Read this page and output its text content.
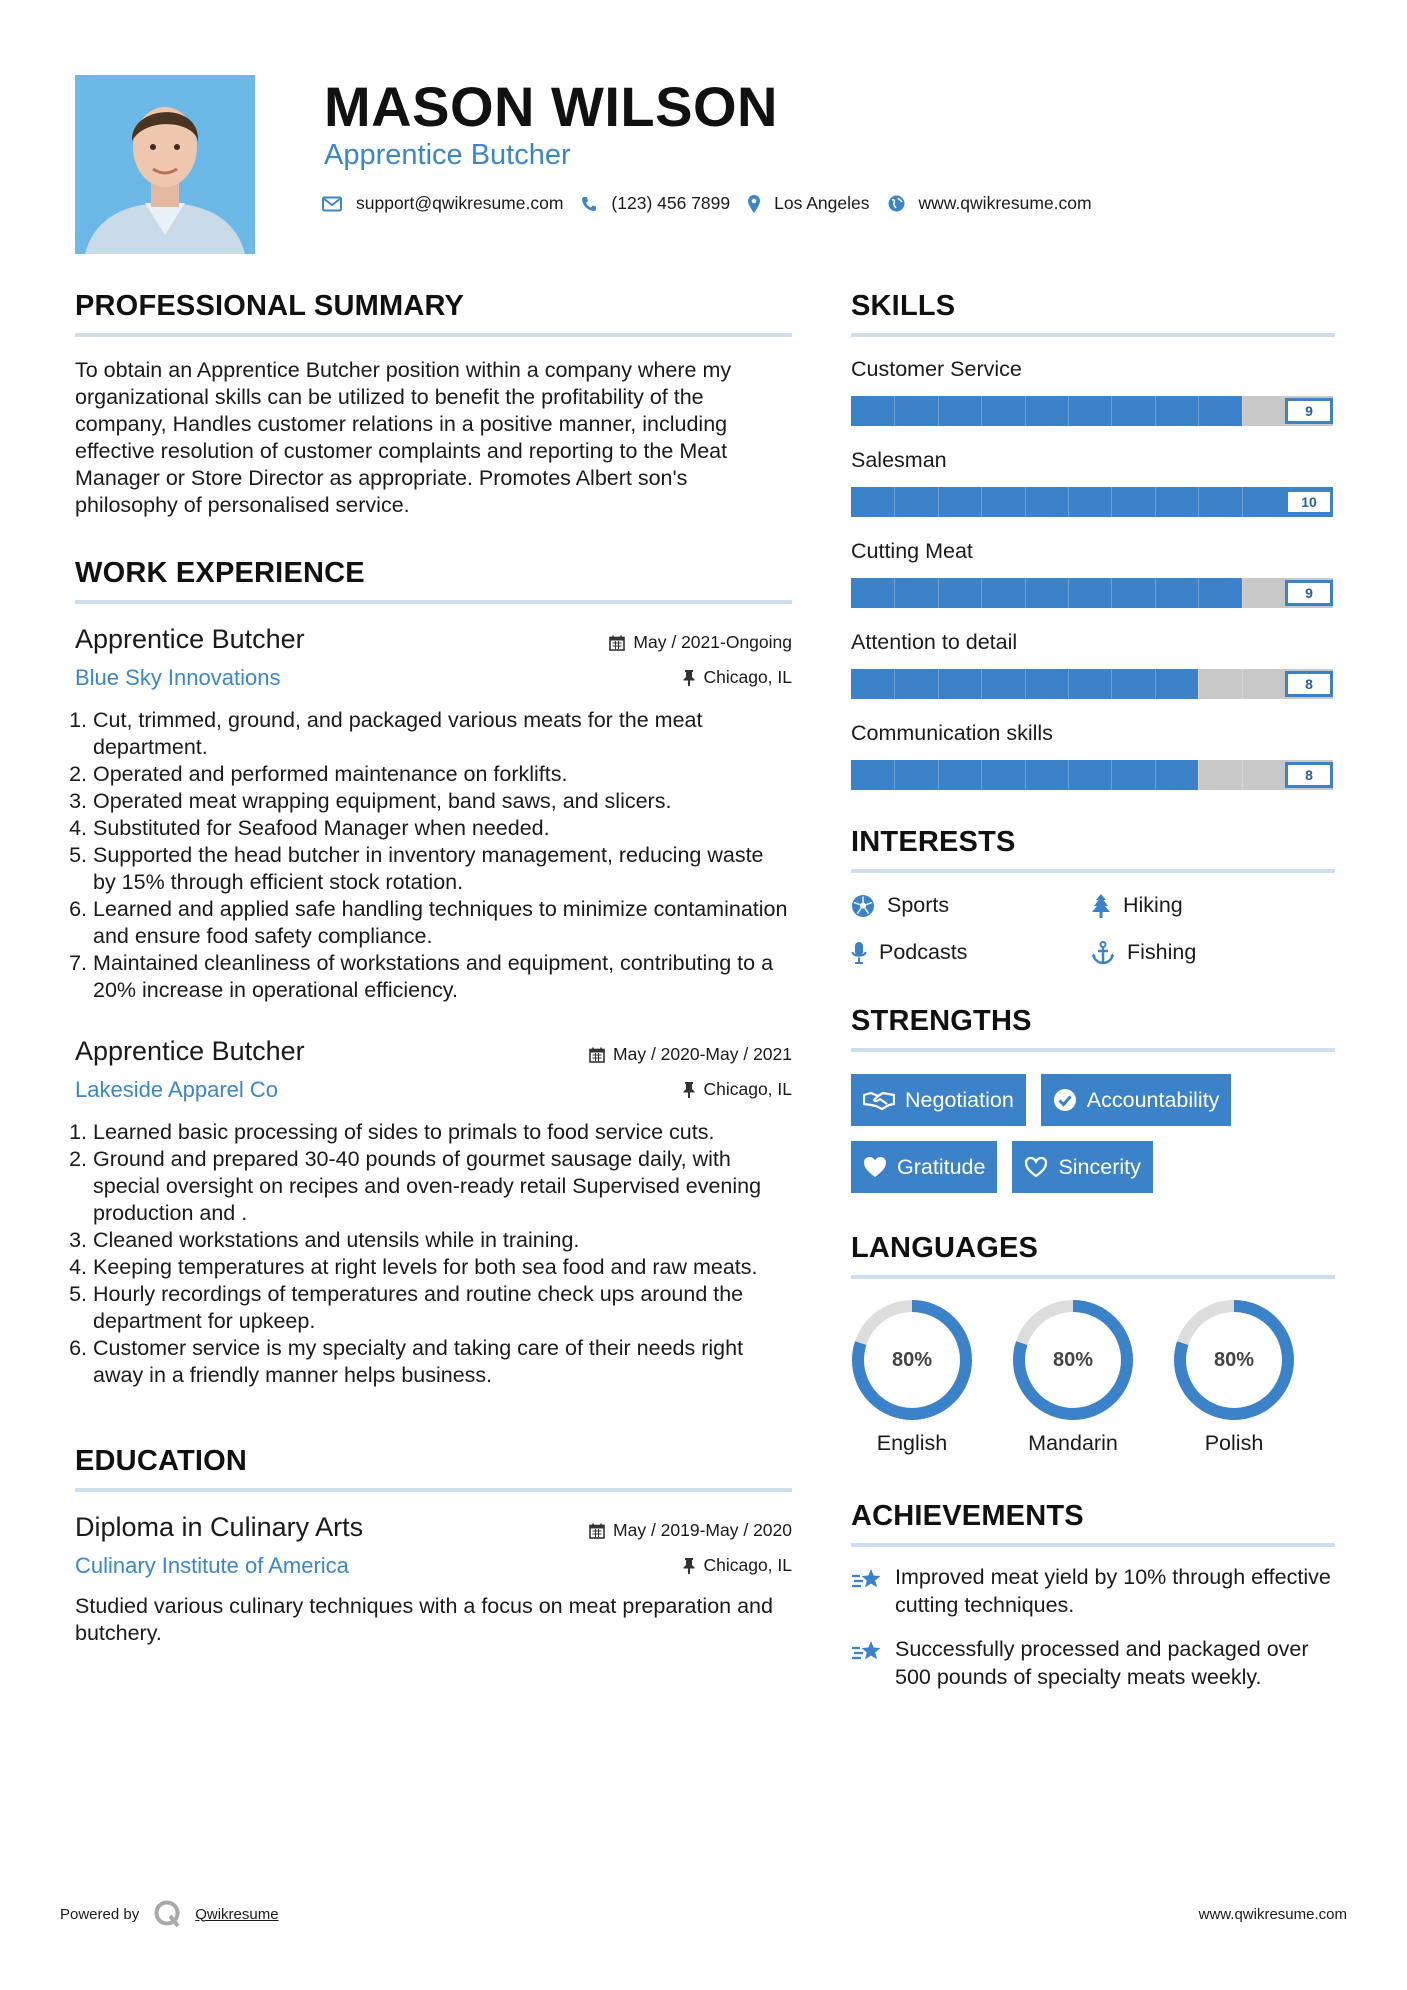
MASON WILSON
Apprentice Butcher
support@qwikresume.com	(123) 456 7899	Los Angeles	www.qwikresume.com
PROFESSIONAL SUMMARY

To obtain an Apprentice Butcher position within a company where my organizational skills can be utilized to benefit the profitability of the company, Handles customer relations in a positive manner, including effective resolution of customer complaints and reporting to the Meat Manager or Store Director as appropriate. Promotes Albert son's philosophy of personalised service.

WORK EXPERIENCE
Apprentice Butcher
Blue Sky Innovations
May / 2021-Ongoing
Chicago, IL
1. Cut, trimmed, ground, and packaged various meats for the meat department.
2. Operated and performed maintenance on forklifts.
3. Operated meat wrapping equipment, band saws, and slicers.
4. Substituted for Seafood Manager when needed.
5. Supported the head butcher in inventory management, reducing waste by 15% through efficient stock rotation.
6. Learned and applied safe handling techniques to minimize contamination and ensure food safety compliance.
7. Maintained cleanliness of workstations and equipment, contributing to a 20% increase in operational efficiency.
Apprentice Butcher
Lakeside Apparel Co
May / 2020-May / 2021
Chicago, IL
1. Learned basic processing of sides to primals to food service cuts.
2. Ground and prepared 30-40 pounds of gourmet sausage daily, with special oversight on recipes and oven-ready retail Supervised evening production and .
3. Cleaned workstations and utensils while in training.
4. Keeping temperatures at right levels for both sea food and raw meats.
5. Hourly recordings of temperatures and routine check ups around the department for upkeep.
6. Customer service is my specialty and taking care of their needs right away in a friendly manner helps business.
EDUCATION
Diploma in Culinary Arts
Culinary Institute of America
May / 2019-May / 2020
Chicago, IL

Studied various culinary techniques with a focus on meat preparation and butchery.

SKILLS
Customer Service
9
Salesman
10
Cutting Meat
9
Attention to detail
8
Communication skills
8
INTERESTS
Sports	Hiking
Podcasts	Fishing
STRENGTHS
Negotiation	Accountability
Gratitude	Sincerity
LANGUAGES
80%
English
80%
Mandarin
80%
Polish
ACHIEVEMENTS
Improved meat yield by 10% through effective cutting techniques.
Successfully processed and packaged over 500 pounds of specialty meats weekly.
Powered by	Qwikresume	www.qwikresume.com
